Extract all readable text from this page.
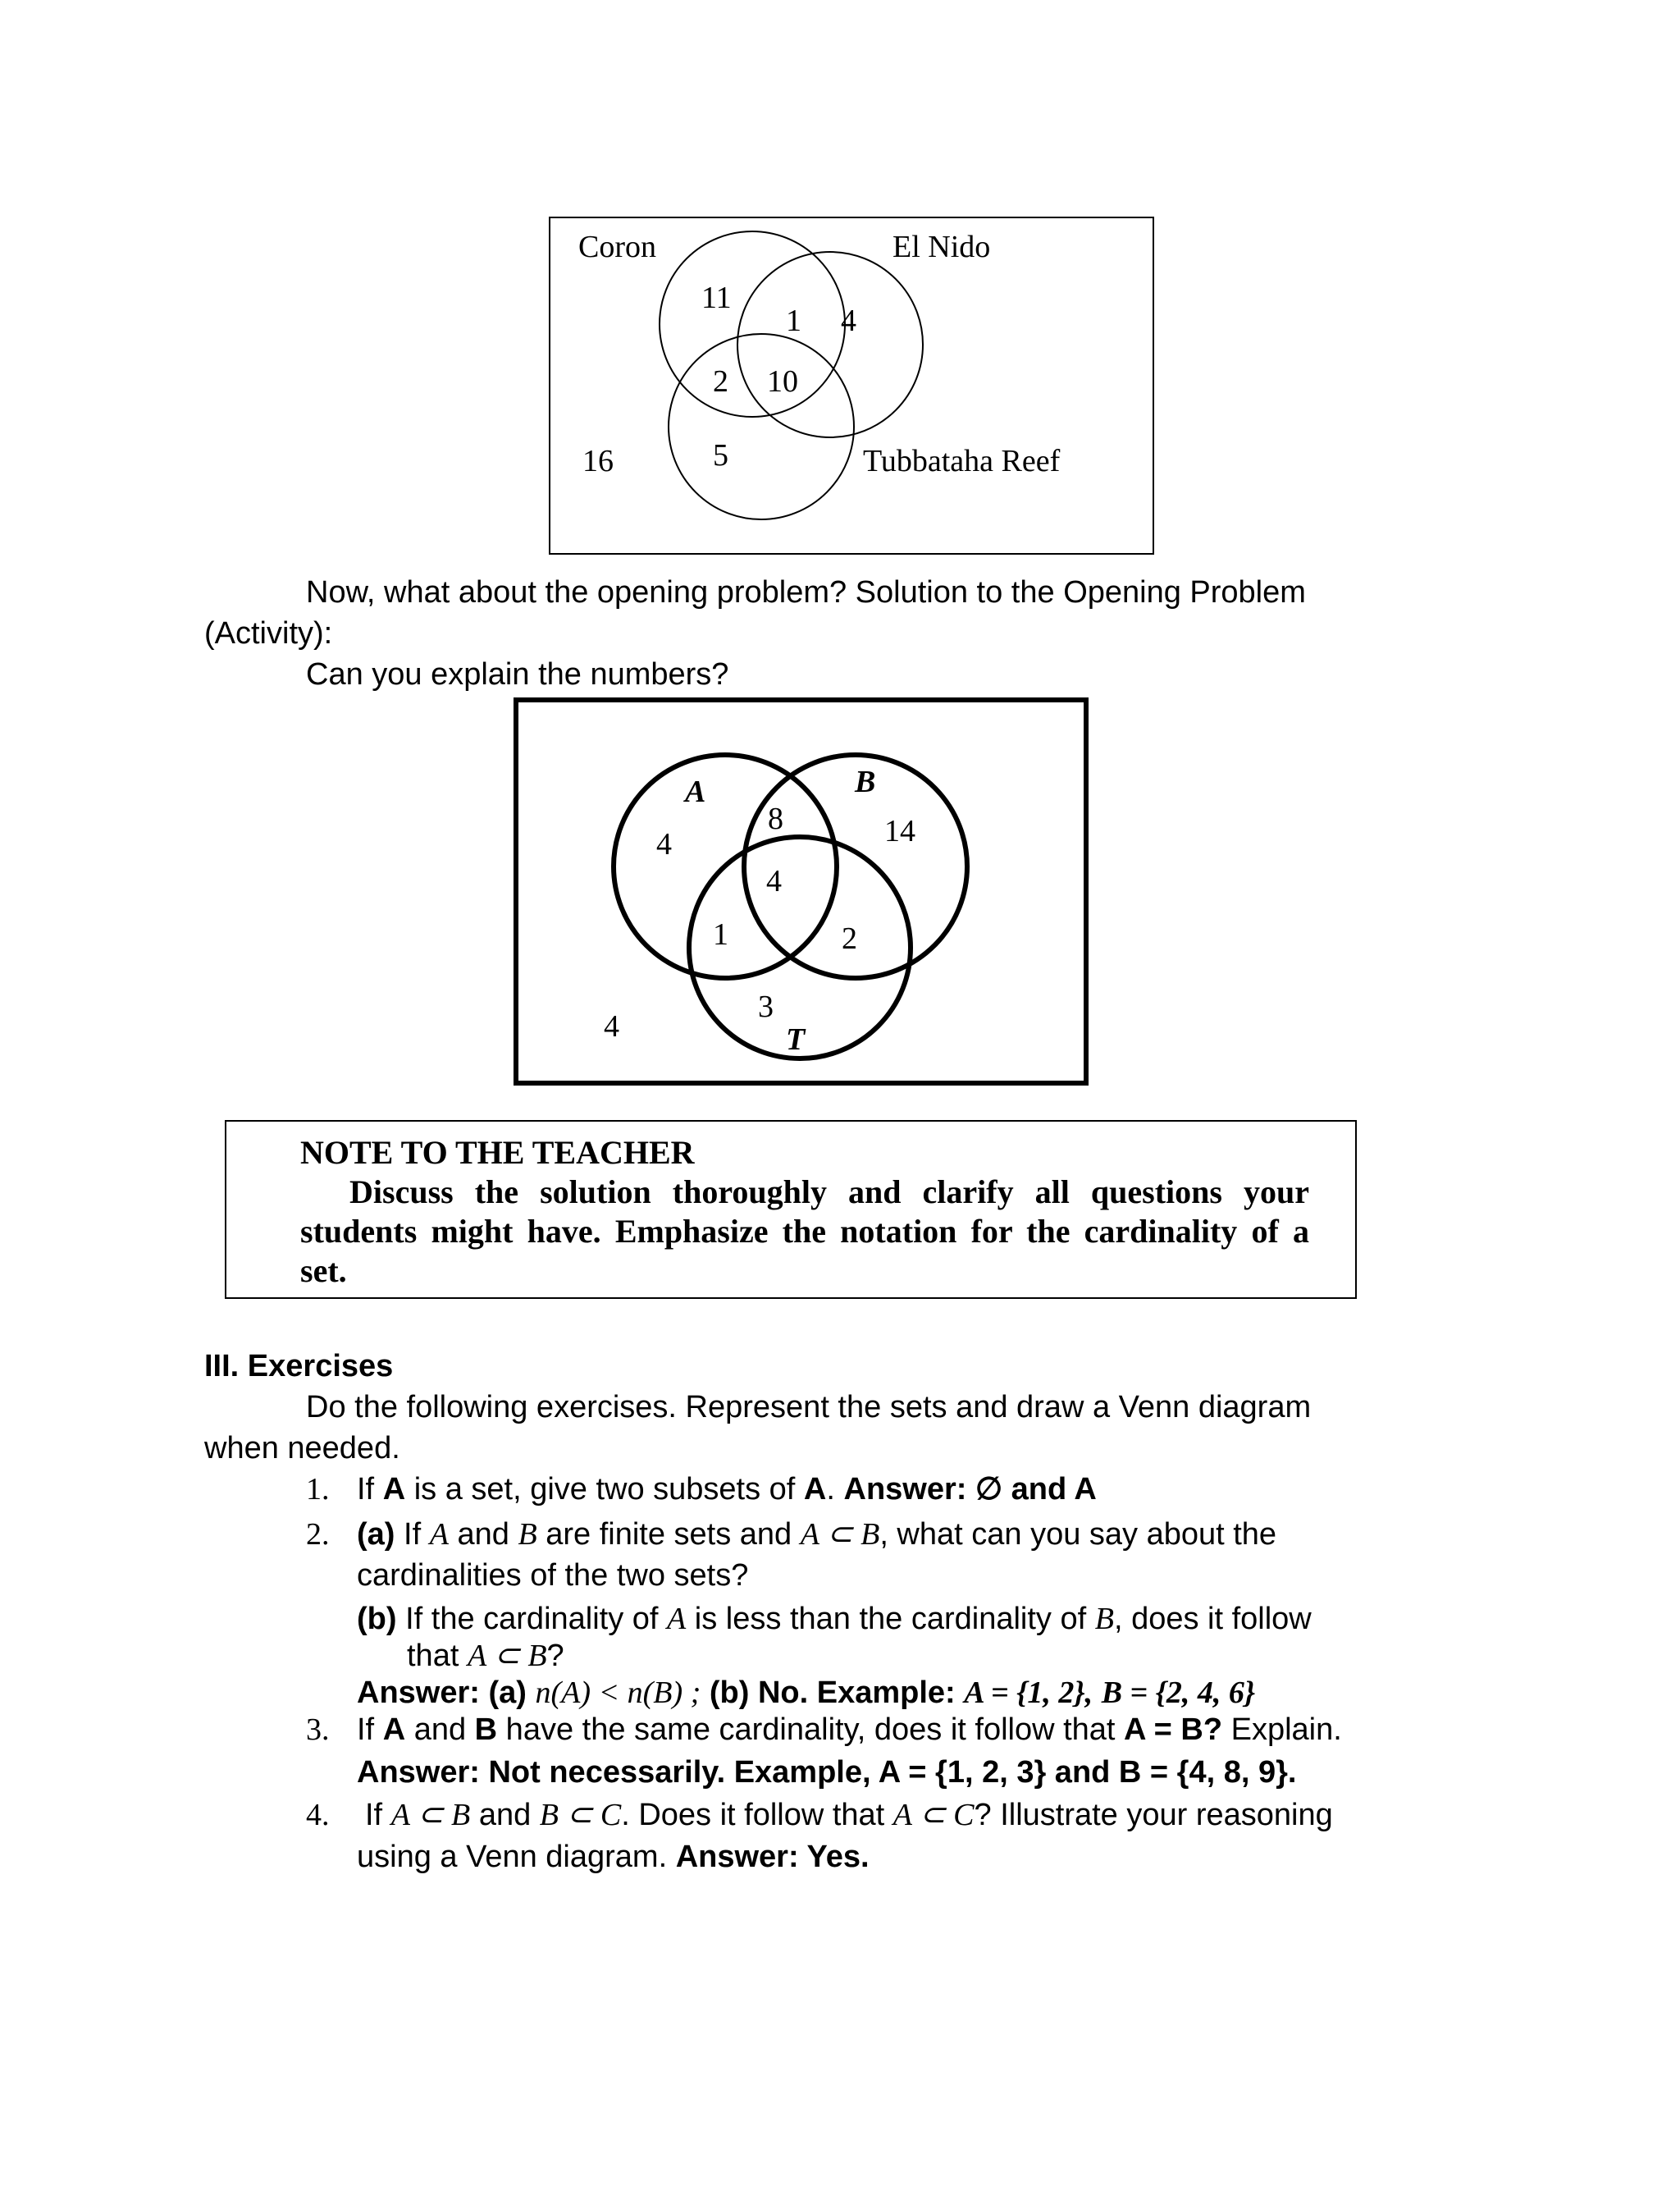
Coron	El Nido
Tubbataha Reef
16
11
1 4
2 10
5

Now, what about the opening problem? Solution to the Opening Problem

(Activity):

Can you explain the numbers?

A	B
T
4
8	14
4
1	2
3
4
NOTE TO THE TEACHER
Discuss the solution thoroughly and clarify all questions your
students might have. Emphasize the notation for the cardinality of a
set.

III. Exercises

Do the following exercises. Represent the sets and draw a Venn diagram

when needed.

1. If A is a set, give two subsets of A. Answer: ∅ and A

2. (a) If A and B are finite sets and A ⊂ B, what can you say about the

cardinalities of the two sets?

(b) If the cardinality of A is less than the cardinality of B, does it follow

that A ⊂ B?

Answer: (a) n(A) < n(B) ; (b) No. Example: A = {1, 2}, B = {2, 4, 6}

3. If A and B have the same cardinality, does it follow that A = B? Explain.

Answer: Not necessarily. Example, A = {1, 2, 3} and B = {4, 8, 9}.

4. If A ⊂ B and B ⊂ C. Does it follow that A ⊂ C? Illustrate your reasoning

using a Venn diagram. Answer: Yes.
